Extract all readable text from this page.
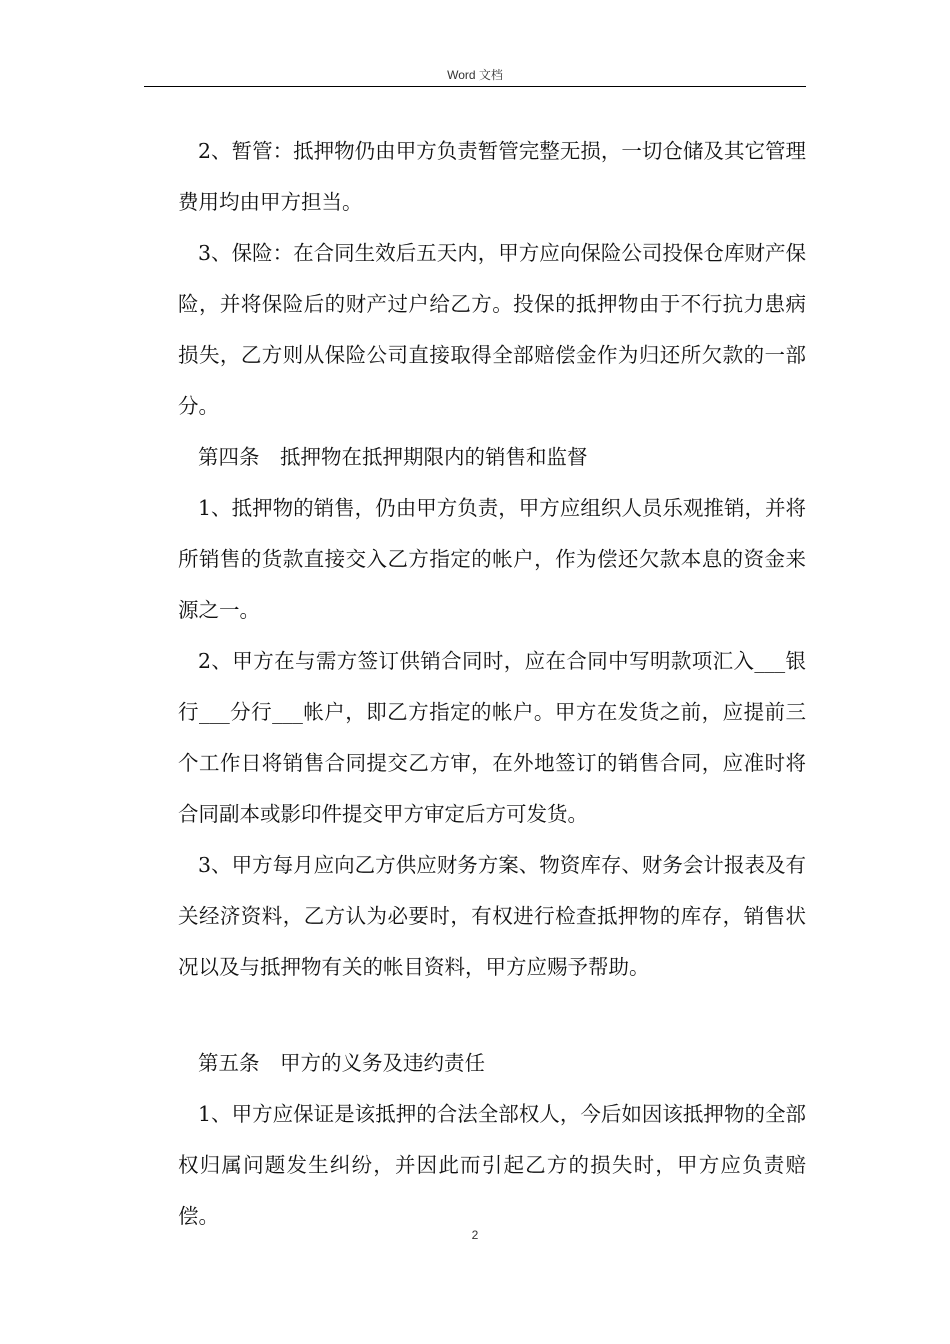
Word 文档

2、暂管：抵押物仍由甲方负责暂管完整无损，一切仓储及其它管理费用均由甲方担当。

3、保险：在合同生效后五天内，甲方应向保险公司投保仓库财产保险，并将保险后的财产过户给乙方。投保的抵押物由于不行抗力患病损失，乙方则从保险公司直接取得全部赔偿金作为归还所欠款的一部分。

第四条　抵押物在抵押期限内的销售和监督

1、抵押物的销售，仍由甲方负责，甲方应组织人员乐观推销，并将所销售的货款直接交入乙方指定的帐户，作为偿还欠款本息的资金来源之一。

2、甲方在与需方签订供销合同时，应在合同中写明款项汇入___银行___分行___帐户，即乙方指定的帐户。甲方在发货之前，应提前三个工作日将销售合同提交乙方审，在外地签订的销售合同，应准时将合同副本或影印件提交甲方审定后方可发货。

3、甲方每月应向乙方供应财务方案、物资库存、财务会计报表及有关经济资料，乙方认为必要时，有权进行检查抵押物的库存，销售状况以及与抵押物有关的帐目资料，甲方应赐予帮助。

第五条　甲方的义务及违约责任

1、甲方应保证是该抵押的合法全部权人，今后如因该抵押物的全部权归属问题发生纠纷，并因此而引起乙方的损失时，甲方应负责赔偿。

2
